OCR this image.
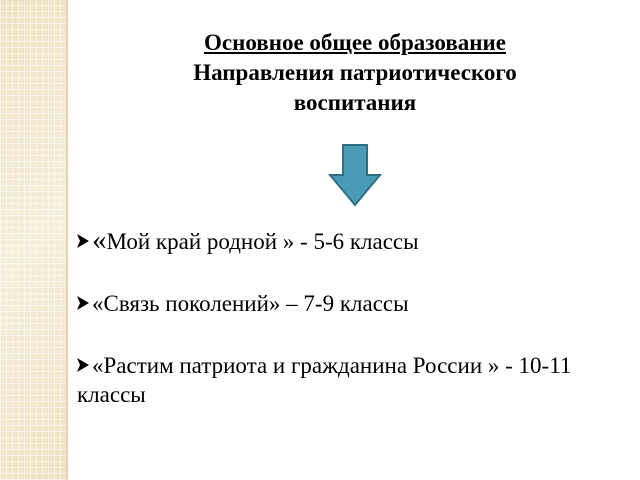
Основное общее образование
Направления патриотического
воспитания
«Мой край родной » - 5-6 классы
«Связь поколений» – 7-9 классы
«Растим патриота и гражданина России » - 10-11 классы
